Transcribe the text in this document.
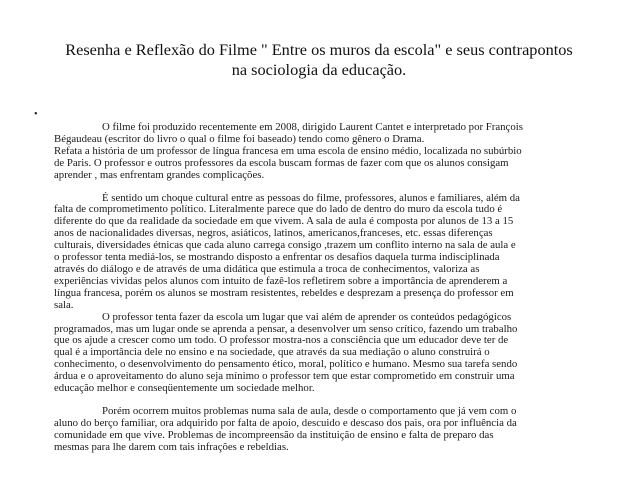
Resenha e Reflexão do Filme " Entre os muros da escola" e seus contrapontos
na sociologia da educação.
•
O filme foi produzido recentemente em 2008, dirigido Laurent Cantet e interpretado por François
Bégaudeau (escritor do livro o qual o filme foi baseado) tendo como gênero o Drama.
Refata a história de um professor de língua francesa em uma escola de ensino médio, localizada no subúrbio
de Paris. O professor e outros professores da escola buscam formas de fazer com que os alunos consigam
aprender , mas enfrentam grandes complicações.
É sentido um choque cultural entre as pessoas do filme, professores, alunos e familiares, além da
falta de comprometimento político. Literalmente parece que do lado de dentro do muro da escola tudo é
diferente do que da realidade da sociedade em que vivem. A sala de aula é composta por alunos de 13 a 15
anos de nacionalidades diversas, negros, asiáticos, latinos, americanos,franceses, etc. essas diferenças
culturais, diversidades étnicas que cada aluno carrega consigo ,trazem um conflito interno na sala de aula e
o professor tenta mediá-los, se mostrando disposto a enfrentar os desafios daquela turma indisciplinada
através do diálogo e de através de uma didática que estimula a troca de conhecimentos, valoriza as
experiências vividas pelos alunos com intuito de fazê-los refletirem sobre a importância de aprenderem a
língua francesa, porém os alunos se mostram resistentes, rebeldes e desprezam a presença do professor em
sala.
O professor tenta fazer da escola um lugar que vai além de aprender os conteúdos pedagógicos
programados, mas um lugar onde se aprenda a pensar, a desenvolver um senso crítico, fazendo um trabalho
que os ajude a crescer como um todo. O professor mostra-nos a consciência que um educador deve ter de
qual é a importância dele no ensino e na sociedade, que através da sua mediação o aluno construirá o
conhecimento, o desenvolvimento do pensamento ético, moral, político e humano. Mesmo sua tarefa sendo
árdua e o aproveitamento do aluno seja mínimo o professor tem que estar comprometido em construir uma
educação melhor e conseqüentemente um sociedade melhor.
Porém ocorrem muitos problemas numa sala de aula, desde o comportamento que já vem com o
aluno do berço familiar, ora adquirido por falta de apoio, descuido e descaso dos pais, ora por influência da
comunidade em que vive. Problemas de incompreensão da instituição de ensino e falta de preparo das
mesmas para lhe darem com tais infrações e rebeldias.
